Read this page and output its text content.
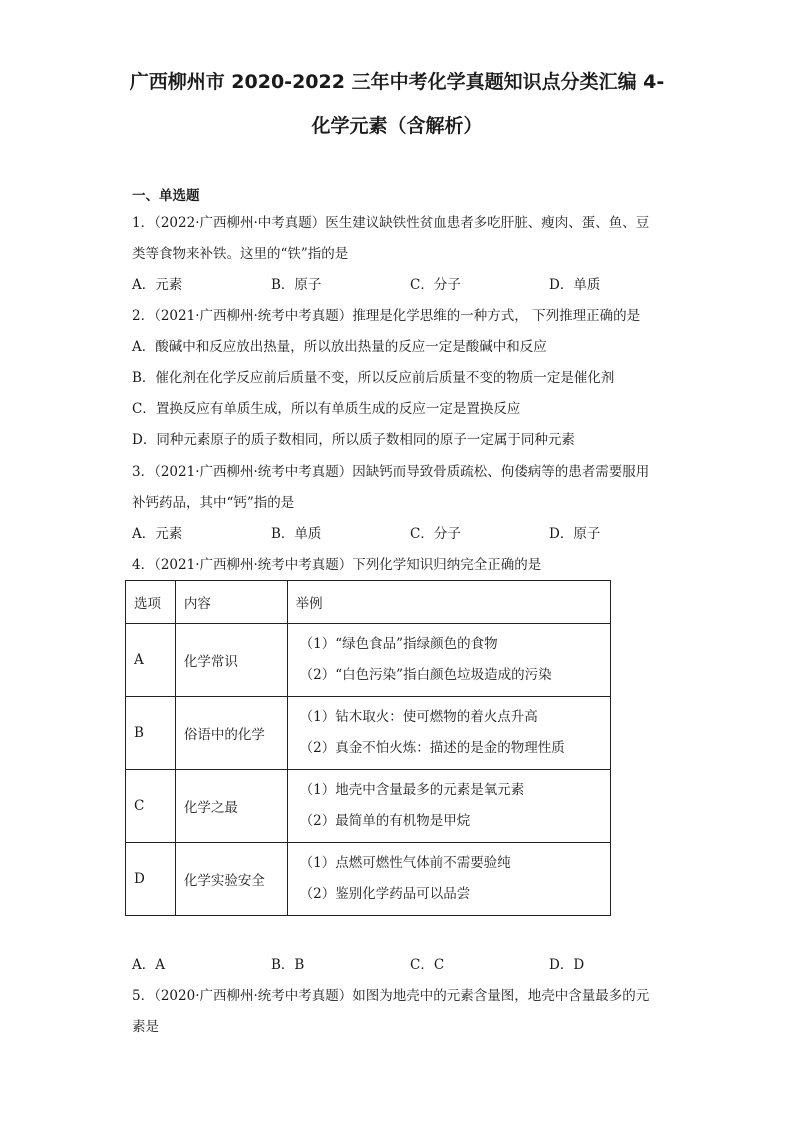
广西柳州市 2020-2022 三年中考化学真题知识点分类汇编 4-
化学元素（含解析）
一、单选题
1．（2022·广西柳州·中考真题）医生建议缺铁性贫血患者多吃肝脏、瘦肉、蛋、鱼、豆
类等食物来补铁。这里的“铁”指的是
A．元素	B．原子	C．分子	D．单质
2．（2021·广西柳州·统考中考真题）推理是化学思维的一种方式， 下列推理正确的是
A．酸碱中和反应放出热量，所以放出热量的反应一定是酸碱中和反应
B．催化剂在化学反应前后质量不变，所以反应前后质量不变的物质一定是催化剂
C．置换反应有单质生成，所以有单质生成的反应一定是置换反应
D．同种元素原子的质子数相同，所以质子数相同的原子一定属于同种元素
3．（2021·广西柳州·统考中考真题）因缺钙而导致骨质疏松、佝偻病等的患者需要服用
补钙药品，其中“钙”指的是
A．元素	B．单质	C．分子	D．原子
4．（2021·广西柳州·统考中考真题）下列化学知识归纳完全正确的是
选项	内容	举例
A	化学常识	（1）“绿色食品”指绿颜色的食物
（2）“白色污染”指白颜色垃圾造成的污染

B	俗语中的化学	（1）钻木取火：使可燃物的着火点升高
（2）真金不怕火炼：描述的是金的物理性质

C	化学之最	（1）地壳中含量最多的元素是氧元素
（2）最简单的有机物是甲烷

D	化学实验安全	（1）点燃可燃性气体前不需要验纯
（2）鉴别化学药品可以品尝
A．A	B．B	C．C	D．D
5．（2020·广西柳州·统考中考真题）如图为地壳中的元素含量图，地壳中含量最多的元
素是
